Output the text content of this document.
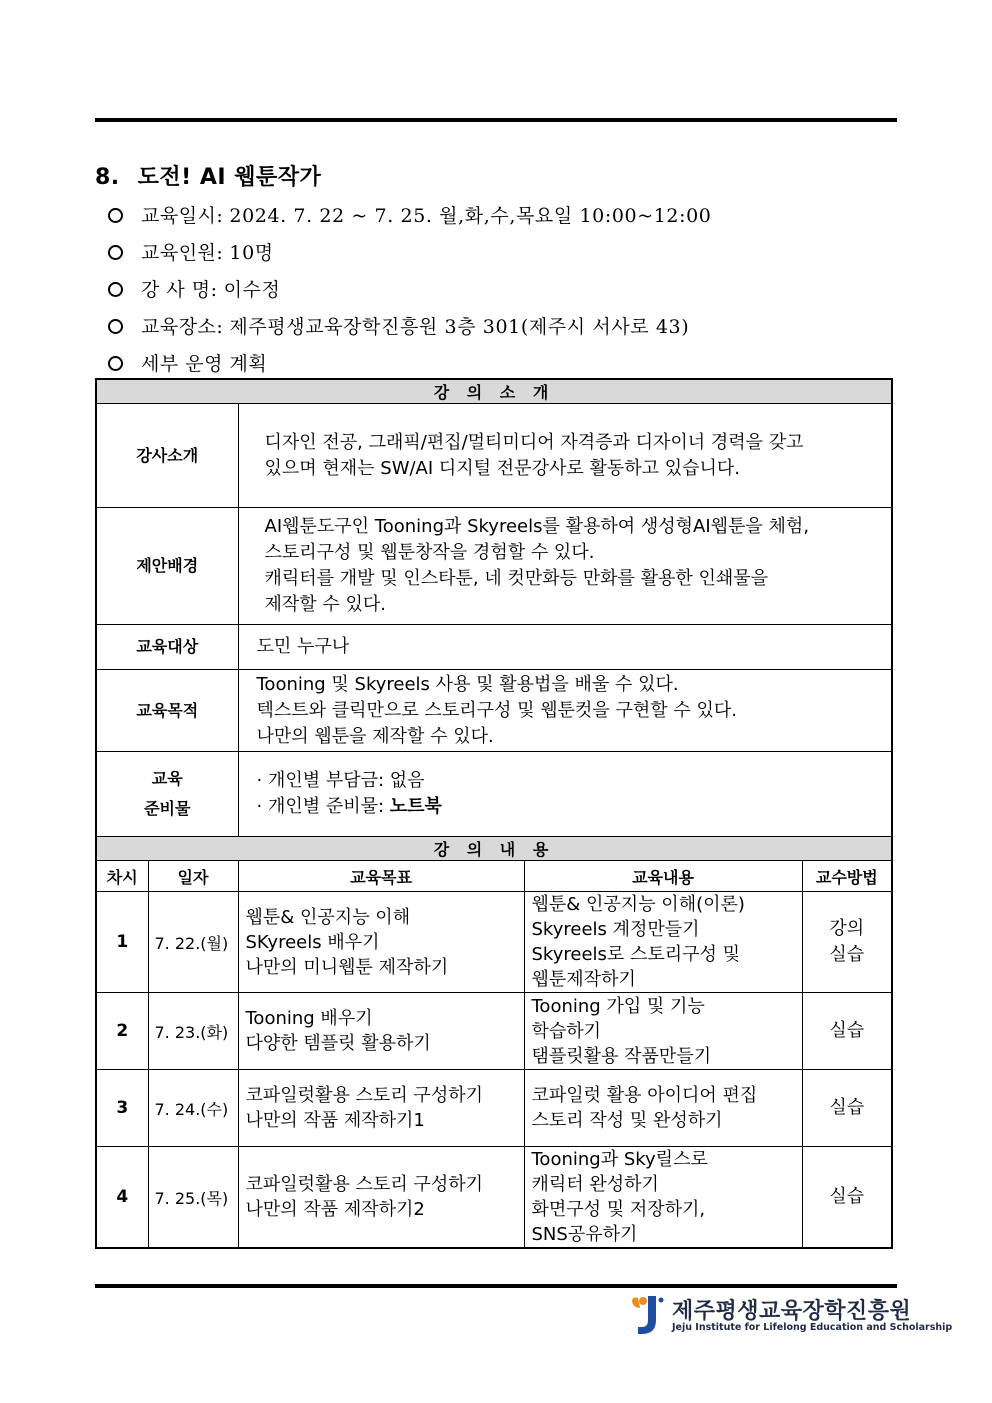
8. 도전! AI 웹툰작가
교육일시: 2024. 7. 22 ~ 7. 25. 월,화,수,목요일 10:00~12:00
교육인원: 10명
강 사 명: 이수정
교육장소: 제주평생교육장학진흥원 3층 301(제주시 서사로 43)
세부 운영 계획
강 의 소 개				
강사소개		디자인 전공, 그래픽/편집/멀티미디어 자격증과 디자이너 경력을 갖고
있으며 현재는 SW/AI 디지털 전문강사로 활동하고 있습니다.		

제안배경		AI웹툰도구인 Tooning과 Skyreels를 활용하여 생성형AI웹툰을 체험,
스토리구성 및 웹툰창작을 경험할 수 있다.
캐릭터를 개발 및 인스타툰, 네 컷만화등 만화를 활용한 인쇄물을
제작할 수 있다.		

교육대상		도민 누구나		

교육목적		Tooning 및 Skyreels 사용 및 활용법을 배울 수 있다.
텍스트와 클릭만으로 스토리구성 및 웹툰컷을 구현할 수 있다.
나만의 웹툰을 제작할 수 있다.		

교육
준비물		· 개인별 부담금: 없음
· 개인별 준비물: 노트북		

강 의 내 용				
차시	일자	교육목표	교육내용	교수방법
1	7. 22.(월)	웹툰& 인공지능 이해
SKyreels 배우기
나만의 미니웹툰 제작하기	웹툰& 인공지능 이해(이론)
Skyreels 계정만들기
Skyreels로 스토리구성 및
웹툰제작하기	강의
실습

2	7. 23.(화)	Tooning 배우기
다양한 템플릿 활용하기	Tooning 가입 및 기능
학습하기
탬플릿활용 작품만들기	실습

3	7. 24.(수)	코파일럿활용 스토리 구성하기
나만의 작품 제작하기1	코파일럿 활용 아이디어 편집
스토리 작성 및 완성하기	실습

4	7. 25.(목)	코파일럿활용 스토리 구성하기
나만의 작품 제작하기2	Tooning과 Sky릴스로
캐릭터 완성하기
화면구성 및 저장하기,
SNS공유하기	실습
제주평생교육장학진흥원
Jeju Institute for Lifelong Education and Scholarship
